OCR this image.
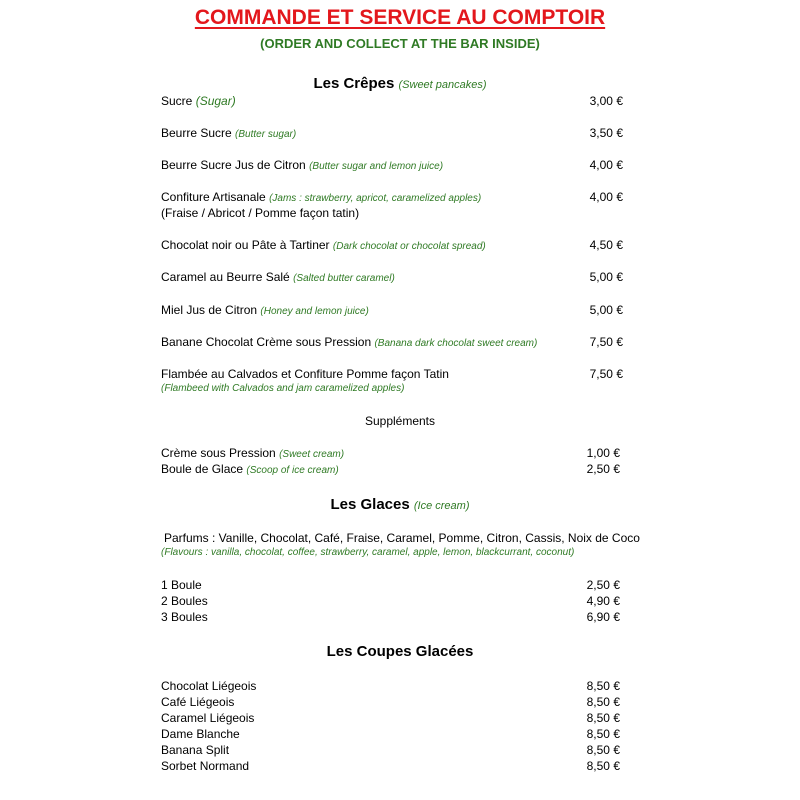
COMMANDE ET SERVICE AU COMPTOIR
(ORDER AND COLLECT AT THE BAR INSIDE)
Les Crêpes (Sweet pancakes)
Sucre (Sugar)	3,00 €
Beurre Sucre (Butter sugar)	3,50 €
Beurre Sucre Jus de Citron (Butter sugar and lemon juice)	4,00 €
Confiture Artisanale (Jams : strawberry, apricot, caramelized apples)
(Fraise / Abricot / Pomme façon tatin)
4,00 €
Chocolat noir ou Pâte à Tartiner (Dark chocolat or chocolat spread)	4,50 €
Caramel au Beurre Salé (Salted butter caramel)	5,00 €
Miel Jus de Citron (Honey and lemon juice)	5,00 €
Banane Chocolat Crème sous Pression (Banana dark chocolat sweet cream)	7,50 €
Flambée au Calvados et Confiture Pomme façon Tatin
(Flambeed with Calvados and jam caramelized apples)
7,50 €
Suppléments
Crème sous Pression (Sweet cream)	1,00 €
Boule de Glace (Scoop of ice cream)	2,50 €
Les Glaces (Ice cream)
Parfums : Vanille, Chocolat, Café, Fraise, Caramel, Pomme, Citron, Cassis, Noix de Coco
(Flavours : vanilla, chocolat, coffee, strawberry, caramel, apple, lemon, blackcurrant, coconut)
1 Boule	2,50 €
2 Boules	4,90 €
3 Boules	6,90 €
Les Coupes Glacées
Chocolat Liégeois	8,50 €
Café Liégeois	8,50 €
Caramel Liégeois	8,50 €
Dame Blanche	8,50 €
Banana Split	8,50 €
Sorbet Normand	8,50 €
